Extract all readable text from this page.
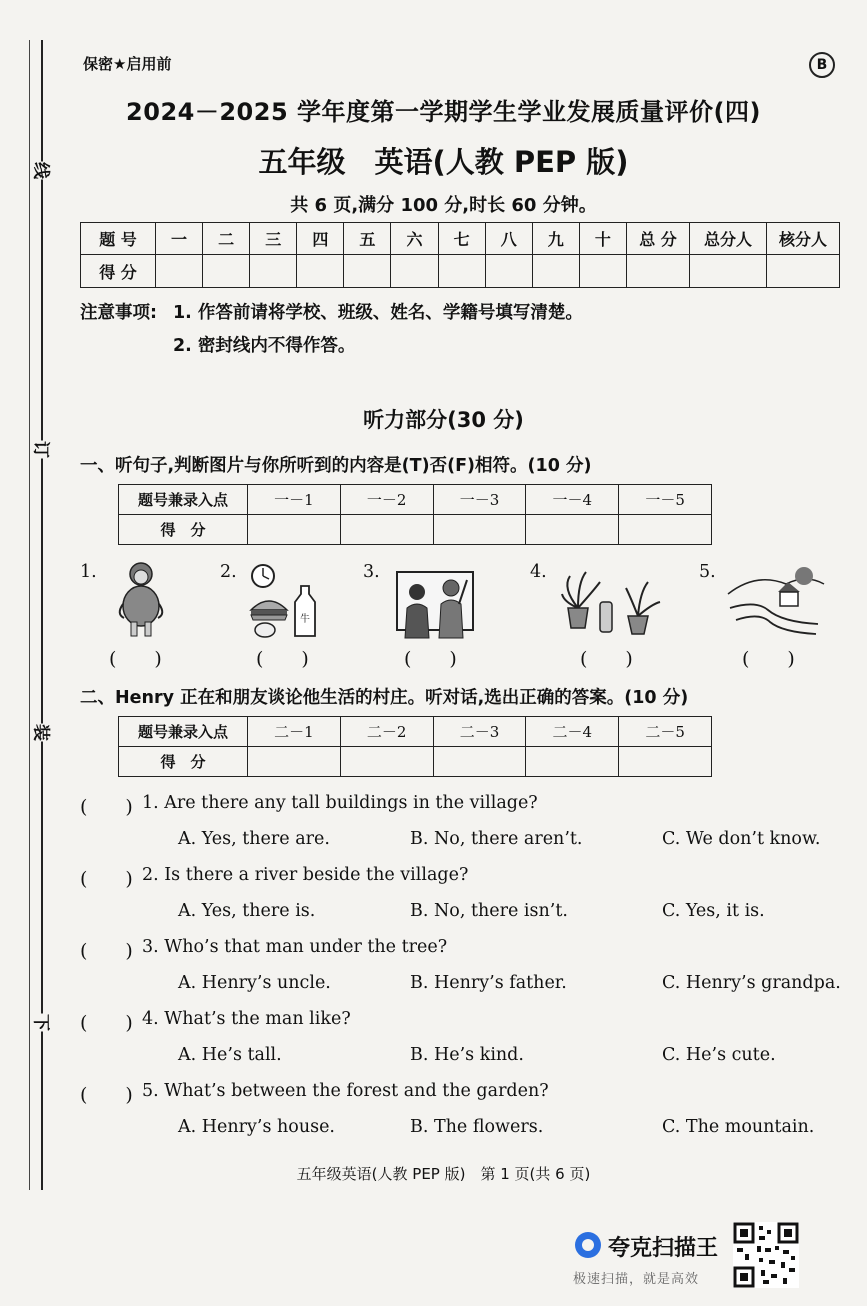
线
订
装
下
保密★启用前	B
2024－2025 学年度第一学期学生学业发展质量评价(四)
五年级　英语(人教 PEP 版)
共 6 页,满分 100 分,时长 60 分钟。
题 号	一	二	三	四	五	六	七	八	九	十	总 分	总分人	核分人
得 分													
注意事项: 1. 作答前请将学校、班级、姓名、学籍号填写清楚。
2. 密封线内不得作答。
听力部分(30 分)
一、听句子,判断图片与你所听到的内容是(T)否(F)相符。(10 分)
题号兼录入点	一－1	一－2	一－3	一－4	一－5
得　分					
1.	2.	3.	4.	5.
牛
(　　)	(　　)	(　　)	(　　)	(　　)
二、Henry 正在和朋友谈论他生活的村庄。听对话,选出正确的答案。(10 分)
题号兼录入点	二－1	二－2	二－3	二－4	二－5
得　分					
(　　) 1. Are there any tall buildings in the village?
A. Yes, there are.	B. No, there aren’t.	C. We don’t know.
(　　) 2. Is there a river beside the village?
A. Yes, there is.	B. No, there isn’t.	C. Yes, it is.
(　　) 3. Who’s that man under the tree?
A. Henry’s uncle.	B. Henry’s father.	C. Henry’s grandpa.
(　　) 4. What’s the man like?
A. He’s tall.	B. He’s kind.	C. He’s cute.
(　　) 5. What’s between the forest and the garden?
A. Henry’s house.	B. The flowers.	C. The mountain.
五年级英语(人教 PEP 版)　第 1 页(共 6 页)
夸克扫描王
极速扫描，就是高效
